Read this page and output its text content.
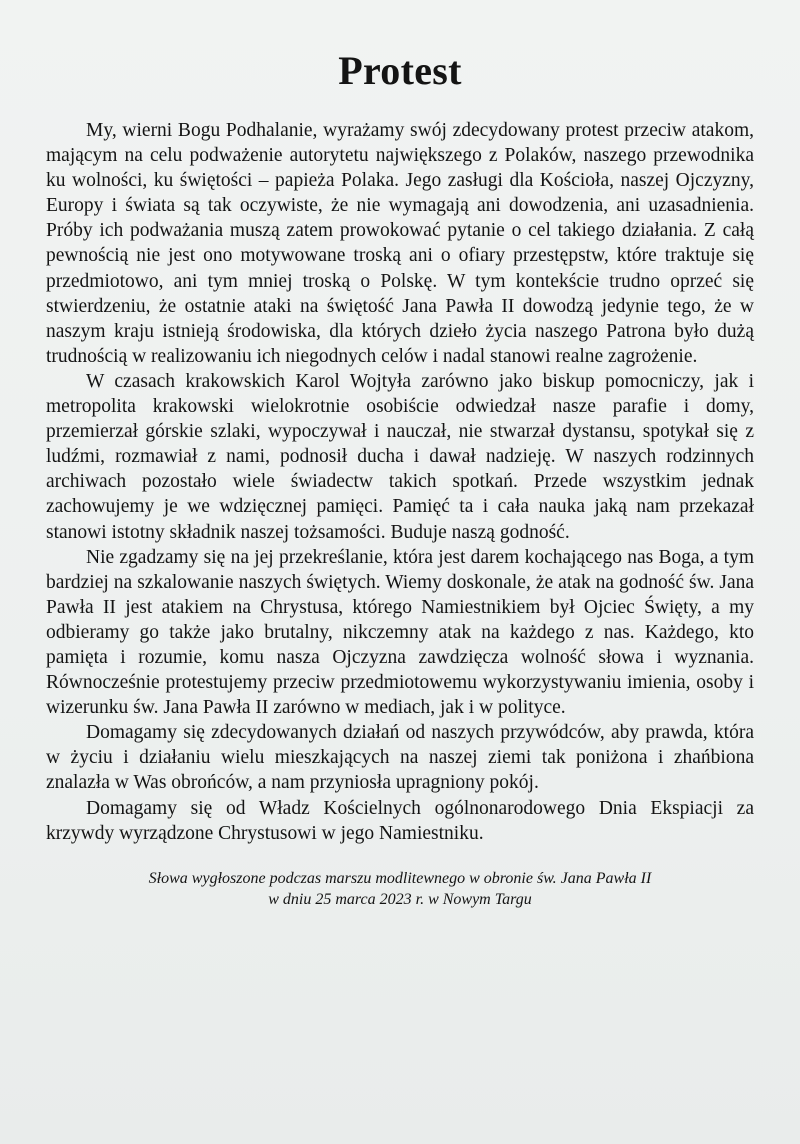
Protest

My, wierni Bogu Podhalanie, wyrażamy swój zdecydowany protest przeciw atakom, mającym na celu podważenie autorytetu największego z Polaków, naszego przewodnika ku wolności, ku świętości – papieża Polaka. Jego zasługi dla Kościoła, naszej Ojczyzny, Europy i świata są tak oczywiste, że nie wymagają ani dowodzenia, ani uzasadnienia. Próby ich podważania muszą zatem prowokować pytanie o cel takiego działania. Z całą pewnością nie jest ono motywowane troską ani o ofiary przestępstw, które traktuje się przedmiotowo, ani tym mniej troską o Polskę. W tym kontekście trudno oprzeć się stwierdzeniu, że ostatnie ataki na świętość Jana Pawła II dowodzą jedynie tego, że w naszym kraju istnieją środowiska, dla których dzieło życia naszego Patrona było dużą trudnością w realizowaniu ich niegodnych celów i nadal stanowi realne zagrożenie.

W czasach krakowskich Karol Wojtyła zarówno jako biskup pomocniczy, jak i metropolita krakowski wielokrotnie osobiście odwiedzał nasze parafie i domy, przemierzał górskie szlaki, wypoczywał i nauczał, nie stwarzał dystansu, spotykał się z ludźmi, rozmawiał z nami, podnosił ducha i dawał nadzieję. W naszych rodzinnych archiwach pozostało wiele świadectw takich spotkań. Przede wszystkim jednak zachowujemy je we wdzięcznej pamięci. Pamięć ta i cała nauka jaką nam przekazał stanowi istotny składnik naszej tożsamości. Buduje naszą godność.

Nie zgadzamy się na jej przekreślanie, która jest darem kochającego nas Boga, a tym bardziej na szkalowanie naszych świętych. Wiemy doskonale, że atak na godność św. Jana Pawła II jest atakiem na Chrystusa, którego Namiestnikiem był Ojciec Święty, a my odbieramy go także jako brutalny, nikczemny atak na każdego z nas. Każdego, kto pamięta i rozumie, komu nasza Ojczyzna zawdzięcza wolność słowa i wyznania. Równocześnie protestujemy przeciw przedmiotowemu wykorzystywaniu imienia, osoby i wizerunku św. Jana Pawła II zarówno w mediach, jak i w polityce.

Domagamy się zdecydowanych działań od naszych przywódców, aby prawda, która w życiu i działaniu wielu mieszkających na naszej ziemi tak poniżona i zhańbiona znalazła w Was obrońców, a nam przyniosła upragniony pokój.

Domagamy się od Władz Kościelnych ogólnonarodowego Dnia Ekspiacji za krzywdy wyrządzone Chrystusowi w jego Namiestniku.

Słowa wygłoszone podczas marszu modlitewnego w obronie św. Jana Pawła II
w dniu 25 marca 2023 r. w Nowym Targu
